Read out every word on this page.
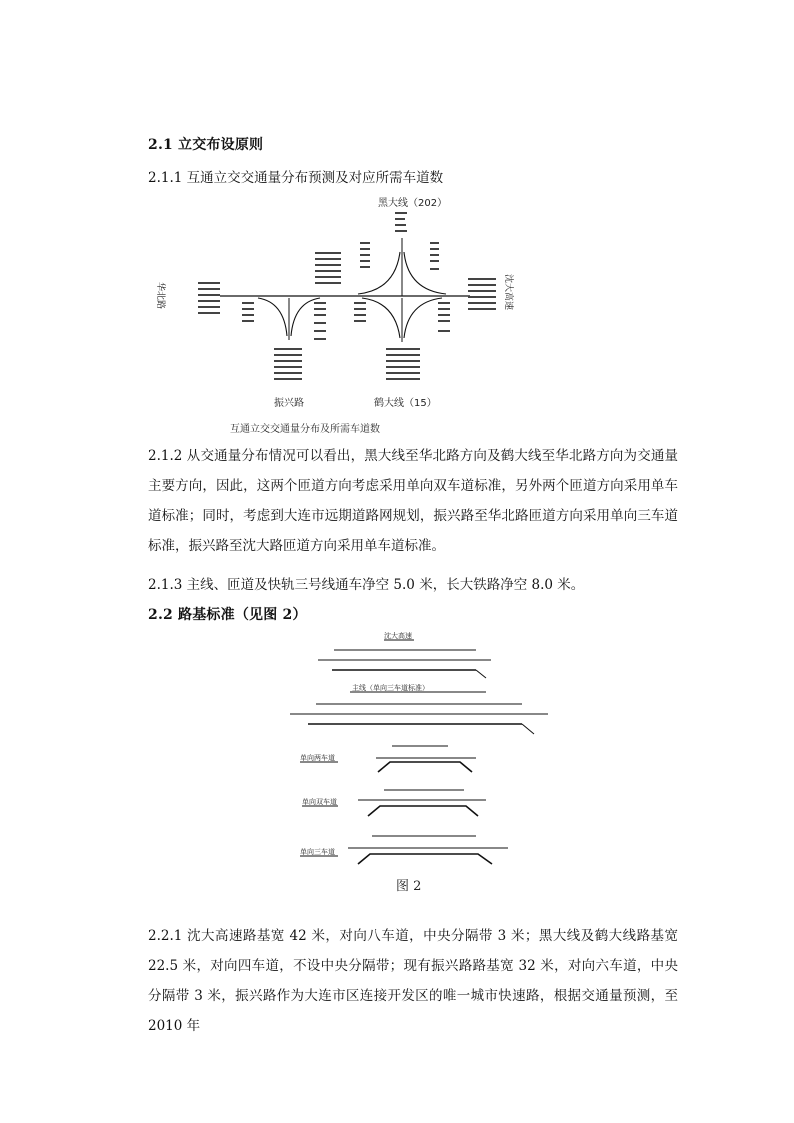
2.1 立交布设原则
2.1.1 互通立交交通量分布预测及对应所需车道数
黑大线（202）
华北路	沈大高速
振兴路	鹤大线（15）
互通立交交通量分布及所需车道数
2.1.2 从交通量分布情况可以看出，黑大线至华北路方向及鹤大线至华北路方向为交通量主要方向，因此，这两个匝道方向考虑采用单向双车道标准，另外两个匝道方向采用单车道标准；同时，考虑到大连市远期道路网规划，振兴路至华北路匝道方向采用单向三车道标准，振兴路至沈大路匝道方向采用单车道标准。
2.1.3 主线、匝道及快轨三号线通车净空 5.0 米，长大铁路净空 8.0 米。
2.2 路基标准（见图 2）
沈大高速
主线（单向三车道标准）
单向两车道
单向双车道
单向三车道
图 2
2.2.1 沈大高速路基宽 42 米，对向八车道，中央分隔带 3 米；黑大线及鹤大线路基宽 22.5 米，对向四车道，不设中央分隔带；现有振兴路路基宽 32 米，对向六车道，中央分隔带 3 米，振兴路作为大连市区连接开发区的唯一城市快速路，根据交通量预测，至 2010 年
